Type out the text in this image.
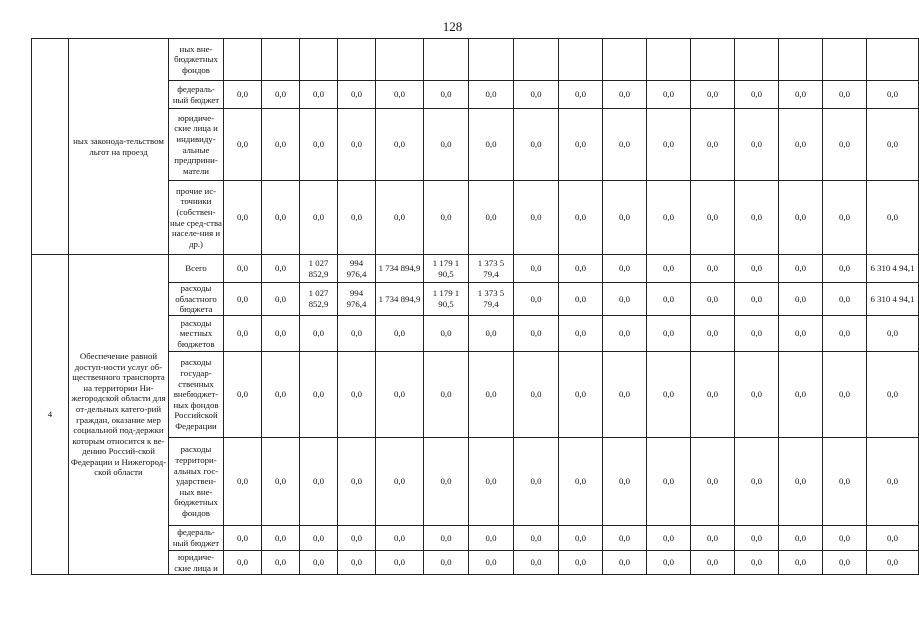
128
	ных законода-тельством льгот на проезд	ных вне-бюджетных фондов																
		федераль-ный бюджет	0,0	0,0	0,0	0,0	0,0	0,0	0,0	0,0	0,0	0,0	0,0	0,0	0,0	0,0	0,0	0,0
		юридиче-ские лица и индивиду-альные предприни-матели	0,0	0,0	0,0	0,0	0,0	0,0	0,0	0,0	0,0	0,0	0,0	0,0	0,0	0,0	0,0	0,0
		прочие ис-точники (собствен-ные сред-ства населе-ния и др.)	0,0	0,0	0,0	0,0	0,0	0,0	0,0	0,0	0,0	0,0	0,0	0,0	0,0	0,0	0,0	0,0
4	Обеспечение равной доступ-ности услуг об-щественного транспорта на территории Ни-жегородской области для от-дельных катего-рий граждан, оказание мер социальной под-держки которым относится к ве-дению Россий-ской Федерации и Нижегород-ской области	Всего	0,0	0,0	1 027 852,9	994 976,4	1 734 894,9	1 179 1 90,5	1 373 5 79,4	0,0	0,0	0,0	0,0	0,0	0,0	0,0	0,0	6 310 4 94,1
		расходы областного бюджета	0,0	0,0	1 027 852,9	994 976,4	1 734 894,9	1 179 1 90,5	1 373 5 79,4	0,0	0,0	0,0	0,0	0,0	0,0	0,0	0,0	6 310 4 94,1
		расходы местных бюджетов	0,0	0,0	0,0	0,0	0,0	0,0	0,0	0,0	0,0	0,0	0,0	0,0	0,0	0,0	0,0	0,0
		расходы государ-ственных внебюджет-ных фондов Российской Федерации	0,0	0,0	0,0	0,0	0,0	0,0	0,0	0,0	0,0	0,0	0,0	0,0	0,0	0,0	0,0	0,0
		расходы территори-альных гос-ударствен-ных вне-бюджетных фондов	0,0	0,0	0,0	0,0	0,0	0,0	0,0	0,0	0,0	0,0	0,0	0,0	0,0	0,0	0,0	0,0
		федераль-ный бюджет	0,0	0,0	0,0	0,0	0,0	0,0	0,0	0,0	0,0	0,0	0,0	0,0	0,0	0,0	0,0	0,0
		юридиче-ские лица и	0,0	0,0	0,0	0,0	0,0	0,0	0,0	0,0	0,0	0,0	0,0	0,0	0,0	0,0	0,0	0,0
